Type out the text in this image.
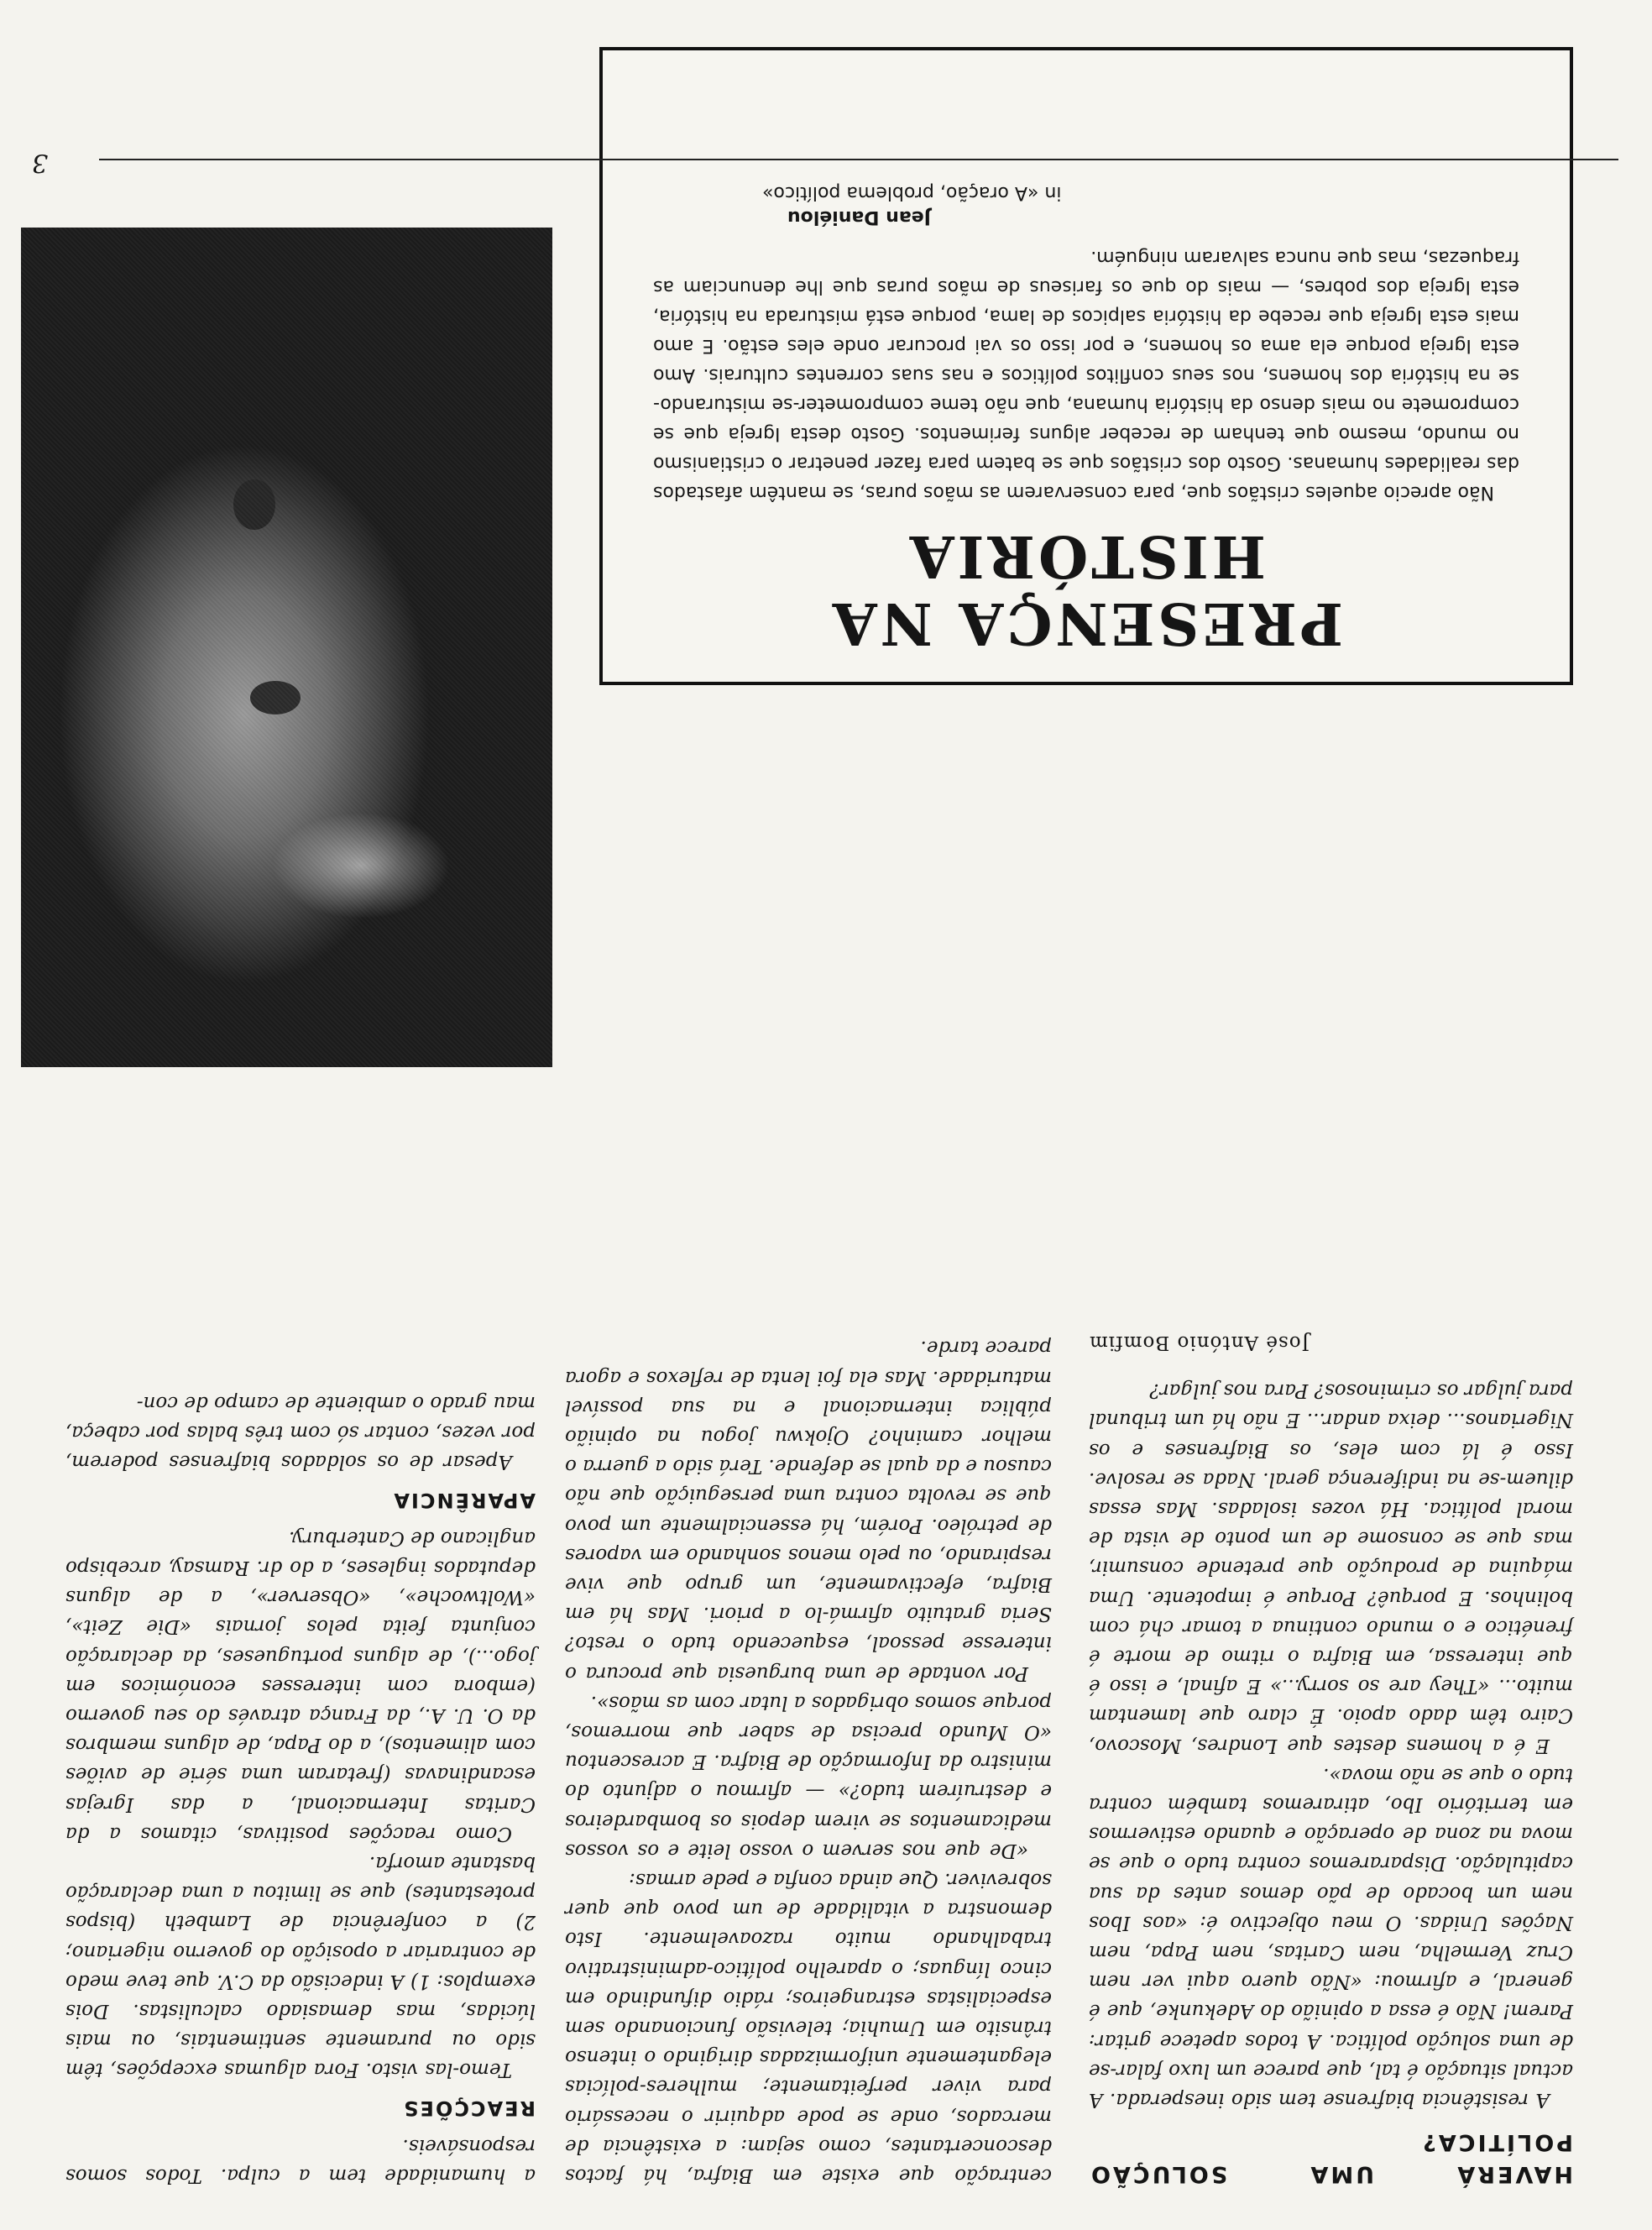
HAVERÁ UMA SOLUÇÃO POLÍTICA?

A resistência biafrense tem sido inesperada. A actual situação é tal, que parece um luxo falar-se de uma solução política. A todos apetece gritar: Parem! Não é essa a opinião do Adekunke, que é general, e afirmou: «Não quero aqui ver nem Cruz Vermelha, nem Caritas, nem Papa, nem Nações Unidas. O meu objectivo é: «aos Ibos nem um bocado de pão demos antes da sua capitulação. Dispararemos contra tudo o que se mova na zona de operação e quando estivermos em território Ibo, atiraremos também contra tudo o que se não mova».

E é a homens destes que Londres, Moscovo, Cairo têm dado apoio. É claro que lamentam muito... «They are so sorry...» E afinal, e isso é que interessa, em Biafra o ritmo de morte é frenético e o mundo continua a tomar chá com bolinhos. E porquê? Porque é impotente. Uma máquina de produção que pretende consumir, mas que se consome de um ponto de vista de moral política. Há vozes isoladas. Mas essas diluem-se na indiferença geral. Nada se resolve. Isso é lá com eles, os Biafrenses e os Nigerianos... deixa andar... E não há um tribunal para julgar os criminosos? Para nos julgar?

José António Bomfim

centração que existe em Biafra, há factos desconcertantes, como sejam: a existência de mercados, onde se pode adquirir o necessário para viver perfeitamente; mulheres-polícias elegantemente uniformizadas dirigindo o intenso trânsito em Umuhia; televisão funcionando sem especialistas estrangeiros; rádio difundindo em cinco línguas; o aparelho político-administrativo trabalhando muito razoavelmente. Isto demonstra a vitalidade de um povo que quer sobreviver. Que ainda confia e pede armas:

«De que nos servem o vosso leite e os vossos medicamentos se virem depois os bombardeiros e destruírem tudo?» — afirmou o adjunto do ministro da Informação de Biafra. E acrescentou «O Mundo precisa de saber que morremos, porque somos obrigados a lutar com as mãos».

Por vontade de uma burguesia que procura o interesse pessoal, esquecendo tudo o resto? Seria gratuito afirmá-lo a priori. Mas há em Biafra, efectivamente, um grupo que vive respirando, ou pelo menos sonhando em vapores de petróleo. Porém, há essencialmente um povo que se revolta contra uma perseguição que não causou e da qual se defende. Terá sido a guerra o melhor caminho? Ojokwu jogou na opinião pública internacional e na sua possível maturidade. Mas ela foi lenta de reflexos e agora parece tarde.

a humanidade tem a culpa. Todos somos responsáveis.

REACÇÕES

Temo-las visto. Fora algumas excepções, têm sido ou puramente sentimentais, ou mais lúcidas, mas demasiado calculistas. Dois exemplos: 1) A indecisão da C.V. que teve medo de contrariar a oposição do governo nigeriano; 2) a conferência de Lambeth (bispos protestantes) que se limitou a uma declaração bastante amorfa.

Como reacções positivas, citamos a da Caritas Internacional, a das Igrejas escandinavas (fretaram uma série de aviões com alimentos), a do Papa, de alguns membros da O. U. A., da França através do seu governo (embora com interesses económicos em jogo...), de alguns portugueses, da declaração conjunta feita pelos jornais «Die Zeit», «Woltwoche», «Observer», a de alguns deputados ingleses, a do dr. Ramsay, arcebispo anglicano de Canterbury.

APARÊNCIA

Apesar de os soldados biafrenses poderem, por vezes, contar só com três balas por cabeça, mau grado o ambiente de campo de con-

PRESENÇA NA HISTÓRIA

Não aprecio aqueles cristãos que, para conservarem as mãos puras, se mantêm afastados das realidades humanas. Gosto dos cristãos que se batem para fazer penetrar o cristianismo no mundo, mesmo que tenham de receber alguns ferimentos. Gosto desta Igreja que se compromete no mais denso da história humana, que não teme comprometer-se misturando-se na história dos homens, nos seus conflitos políticos e nas suas correntes culturais. Amo esta Igreja porque ela ama os homens, e por isso os vai procurar onde eles estão. E amo mais esta Igreja que recebe da história salpicos de lama, porque está misturada na história, esta Igreja dos pobres, — mais do que os fariseus de mãos puras que lhe denunciam as fraquezas, mas que nunca salvaram ninguém.

Jean Daniélou
in «A oração, problema político»
3
